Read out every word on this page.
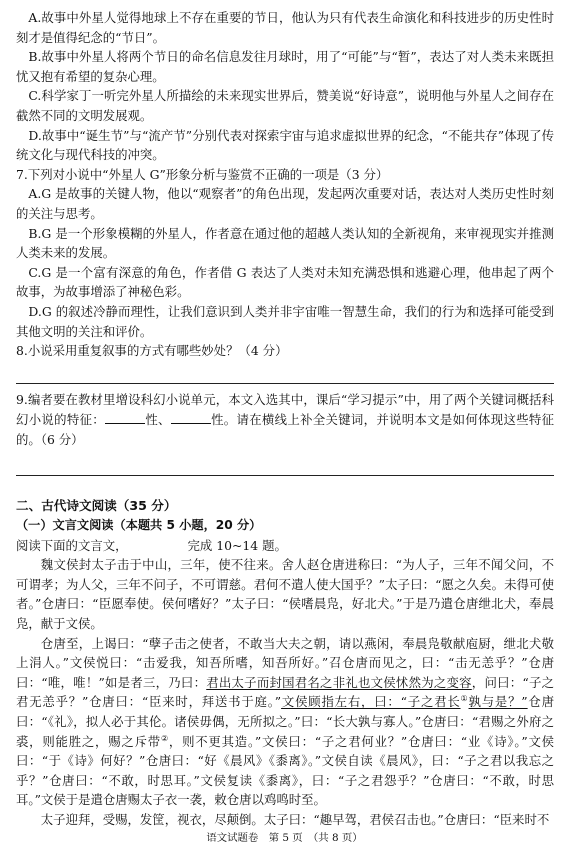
A.故事中外星人觉得地球上不存在重要的节日，他认为只有代表生命演化和科技进步的历史性时刻才是值得纪念的“节日”。

B.故事中外星人将两个节日的命名信息发往月球时，用了“可能”与“暂”，表达了对人类未来既担忧又抱有希望的复杂心理。

C.科学家丁一听完外星人所描绘的未来现实世界后，赞美说“好诗意”，说明他与外星人之间存在截然不同的文明发展观。

D.故事中“诞生节”与“流产节”分别代表对探索宇宙与追求虚拟世界的纪念，“不能共存”体现了传统文化与现代科技的冲突。

7.下列对小说中“外星人 G”形象分析与鉴赏不正确的一项是（3 分）

A.G 是故事的关键人物，他以“观察者”的角色出现，发起两次重要对话，表达对人类历史性时刻的关注与思考。

B.G 是一个形象模糊的外星人，作者意在通过他的超越人类认知的全新视角，来审视现实并推测人类未来的发展。

C.G 是一个富有深意的角色，作者借 G 表达了人类对未知充满恐惧和逃避心理，他串起了两个故事，为故事增添了神秘色彩。

D.G 的叙述冷静而理性，让我们意识到人类并非宇宙唯一智慧生命，我们的行为和选择可能受到其他文明的关注和评价。

8.小说采用重复叙事的方式有哪些妙处？（4 分）

9.编者要在教材里增设科幻小说单元，本文入选其中，课后“学习提示”中，用了两个关键词概括科幻小说的特征：	性、	性。请在横线上补全关键词，并说明本文是如何体现这些特征的。（6 分）

二、古代诗文阅读（35 分）

（一）文言文阅读（本题共 5 小题，20 分）

阅读下面的文言文，	完成 10~14 题。

魏文侯封太子击于中山，三年，使不往来。舍人赵仓唐进称曰：“为人子，三年不闻父问，不可谓孝；为人父，三年不问子，不可谓慈。君何不遣人使大国乎？”太子曰：“愿之久矣。未得可使者。”仓唐曰：“臣愿奉使。侯何嗜好？”太子曰：“侯嗜晨凫，好北犬。”于是乃遣仓唐绁北犬，奉晨凫，献于文侯。

仓唐至，上谒曰：“孽子击之使者，不敢当大夫之朝，请以燕闲，奉晨凫敬献庖厨，绁北犬敬上涓人。”文侯悦曰：“击爱我，知吾所嗜，知吾所好。”召仓唐而见之，曰：“击无恙乎？”仓唐曰：“唯，唯！”如是者三，乃曰：君出太子而封国君名之非礼也文侯怵然为之变容，问曰：“子之君无恙乎？”仓唐曰：“臣来时，拜送书于庭。”文侯顾指左右，曰：“子之君长①孰与是？”仓唐曰：“《礼》，拟人必于其伦。诸侯毋偶，无所拟之。”曰：“长大孰与寡人。”仓唐曰：“君赐之外府之裘，则能胜之，赐之斥带②，则不更其造。”文侯曰：“子之君何业？”仓唐曰：“业《诗》。”文侯曰：“于《诗》何好？”仓唐曰：“好《晨风》《黍离》。”文侯自读《晨风》，曰：“子之君以我忘之乎？”仓唐曰：“不敢，时思耳。”文侯复读《黍离》，曰：“子之君怨乎？”仓唐曰：“不敢，时思耳。”文侯于是遣仓唐赐太子衣一袭，敕仓唐以鸡鸣时至。

太子迎拜，受赐，发筐，视衣，尽颠倒。太子曰：“趣早驾，君侯召击也。”仓唐曰：“臣来时不

语文试题卷　第 5 页　（共 8 页）
